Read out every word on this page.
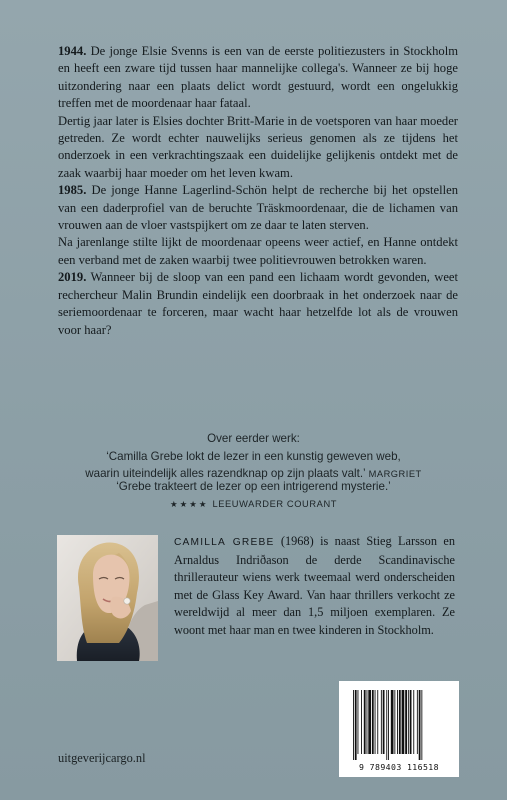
1944. De jonge Elsie Svenns is een van de eerste politiezusters in Stockholm en heeft een zware tijd tussen haar mannelijke collega's. Wanneer ze bij hoge uitzondering naar een plaats delict wordt gestuurd, wordt een ongelukkig treffen met de moordenaar haar fataal.

Dertig jaar later is Elsies dochter Britt-Marie in de voetsporen van haar moeder getreden. Ze wordt echter nauwelijks serieus genomen als ze tijdens het onderzoek in een verkrachtingszaak een duidelijke gelijkenis ontdekt met de zaak waarbij haar moeder om het leven kwam.

1985. De jonge Hanne Lagerlind-Schön helpt de recherche bij het opstellen van een daderprofiel van de beruchte Träskmoordenaar, die de lichamen van vrouwen aan de vloer vastspijkert om ze daar te laten sterven.

Na jarenlange stilte lijkt de moordenaar opeens weer actief, en Hanne ontdekt een verband met de zaken waarbij twee politievrouwen betrokken waren.

2019. Wanneer bij de sloop van een pand een lichaam wordt gevonden, weet rechercheur Malin Brundin eindelijk een doorbraak in het onderzoek naar de seriemoordenaar te forceren, maar wacht haar hetzelfde lot als de vrouwen voor haar?

Over eerder werk:
‘Camilla Grebe lokt de lezer in een kunstig geweven web,
waarin uiteindelijk alles razendknap op zijn plaats valt.’ MARGRIET
‘Grebe trakteert de lezer op een intrigerend mysterie.’
★★★★ LEEUWARDER COURANT

CAMILLA GREBE (1968) is naast Stieg Larsson en Arnaldus Indriðason de derde Scandinavische thrillerauteur wiens werk tweemaal werd onderscheiden met de Glass Key Award. Van haar thrillers verkocht ze wereldwijd al meer dan 1,5 miljoen exemplaren. Ze woont met haar man en twee kinderen in Stockholm.

uitgeverijcargo.nl
9 789403 116518
